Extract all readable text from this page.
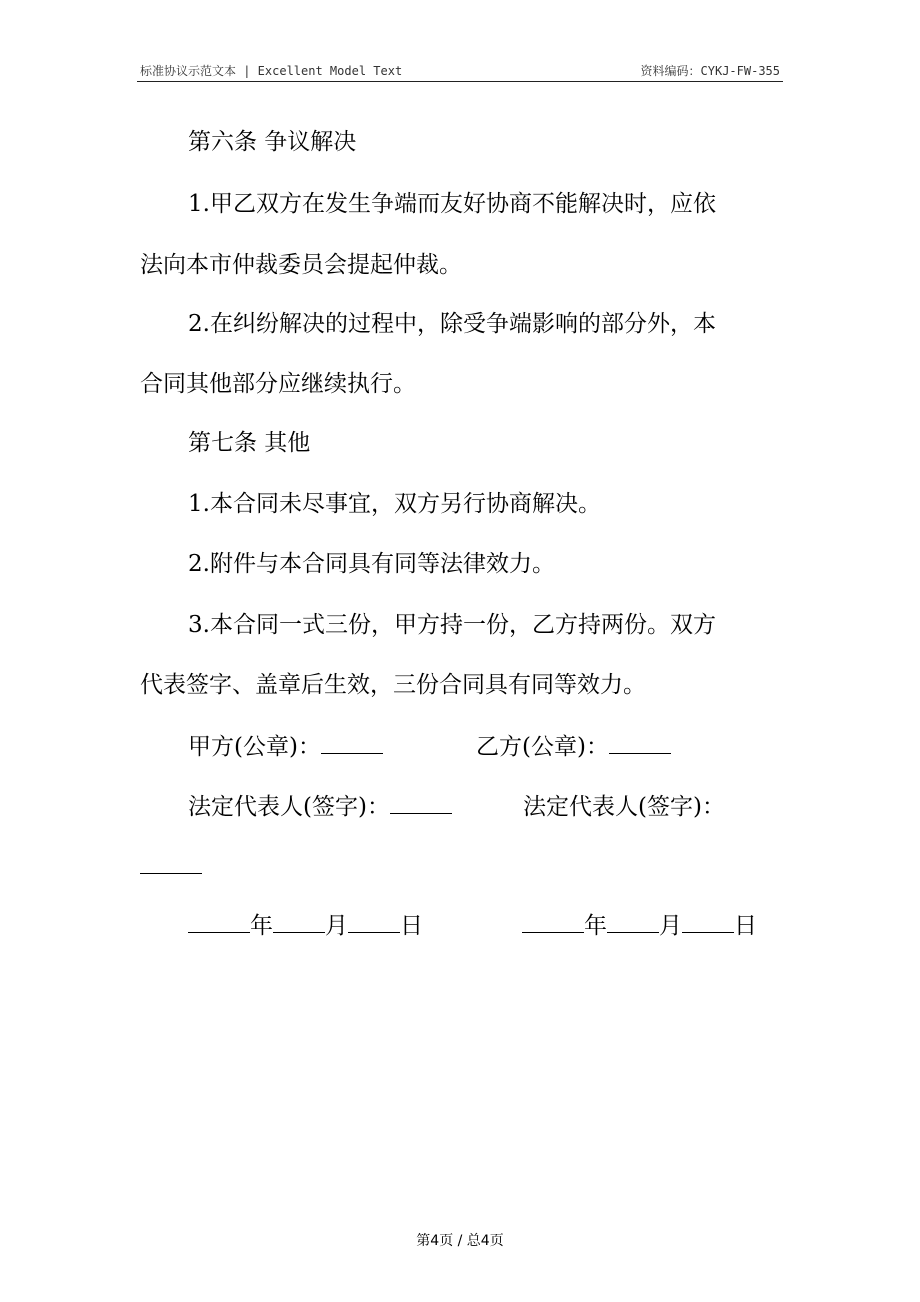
标准协议示范文本 | Excellent Model Text	资料编码：CYKJ-FW-355
第六条 争议解决
1.甲乙双方在发生争端而友好协商不能解决时，应依
法向本市仲裁委员会提起仲裁。
2.在纠纷解决的过程中，除受争端影响的部分外，本
合同其他部分应继续执行。
第七条 其他
1.本合同未尽事宜，双方另行协商解决。
2.附件与本合同具有同等法律效力。
3.本合同一式三份，甲方持一份，乙方持两份。双方
代表签字、盖章后生效，三份合同具有同等效力。
甲方(公章)：	乙方(公章)：
法定代表人(签字)：	法定代表人(签字)：
年 月 日	年 月 日
第4页 / 总4页
